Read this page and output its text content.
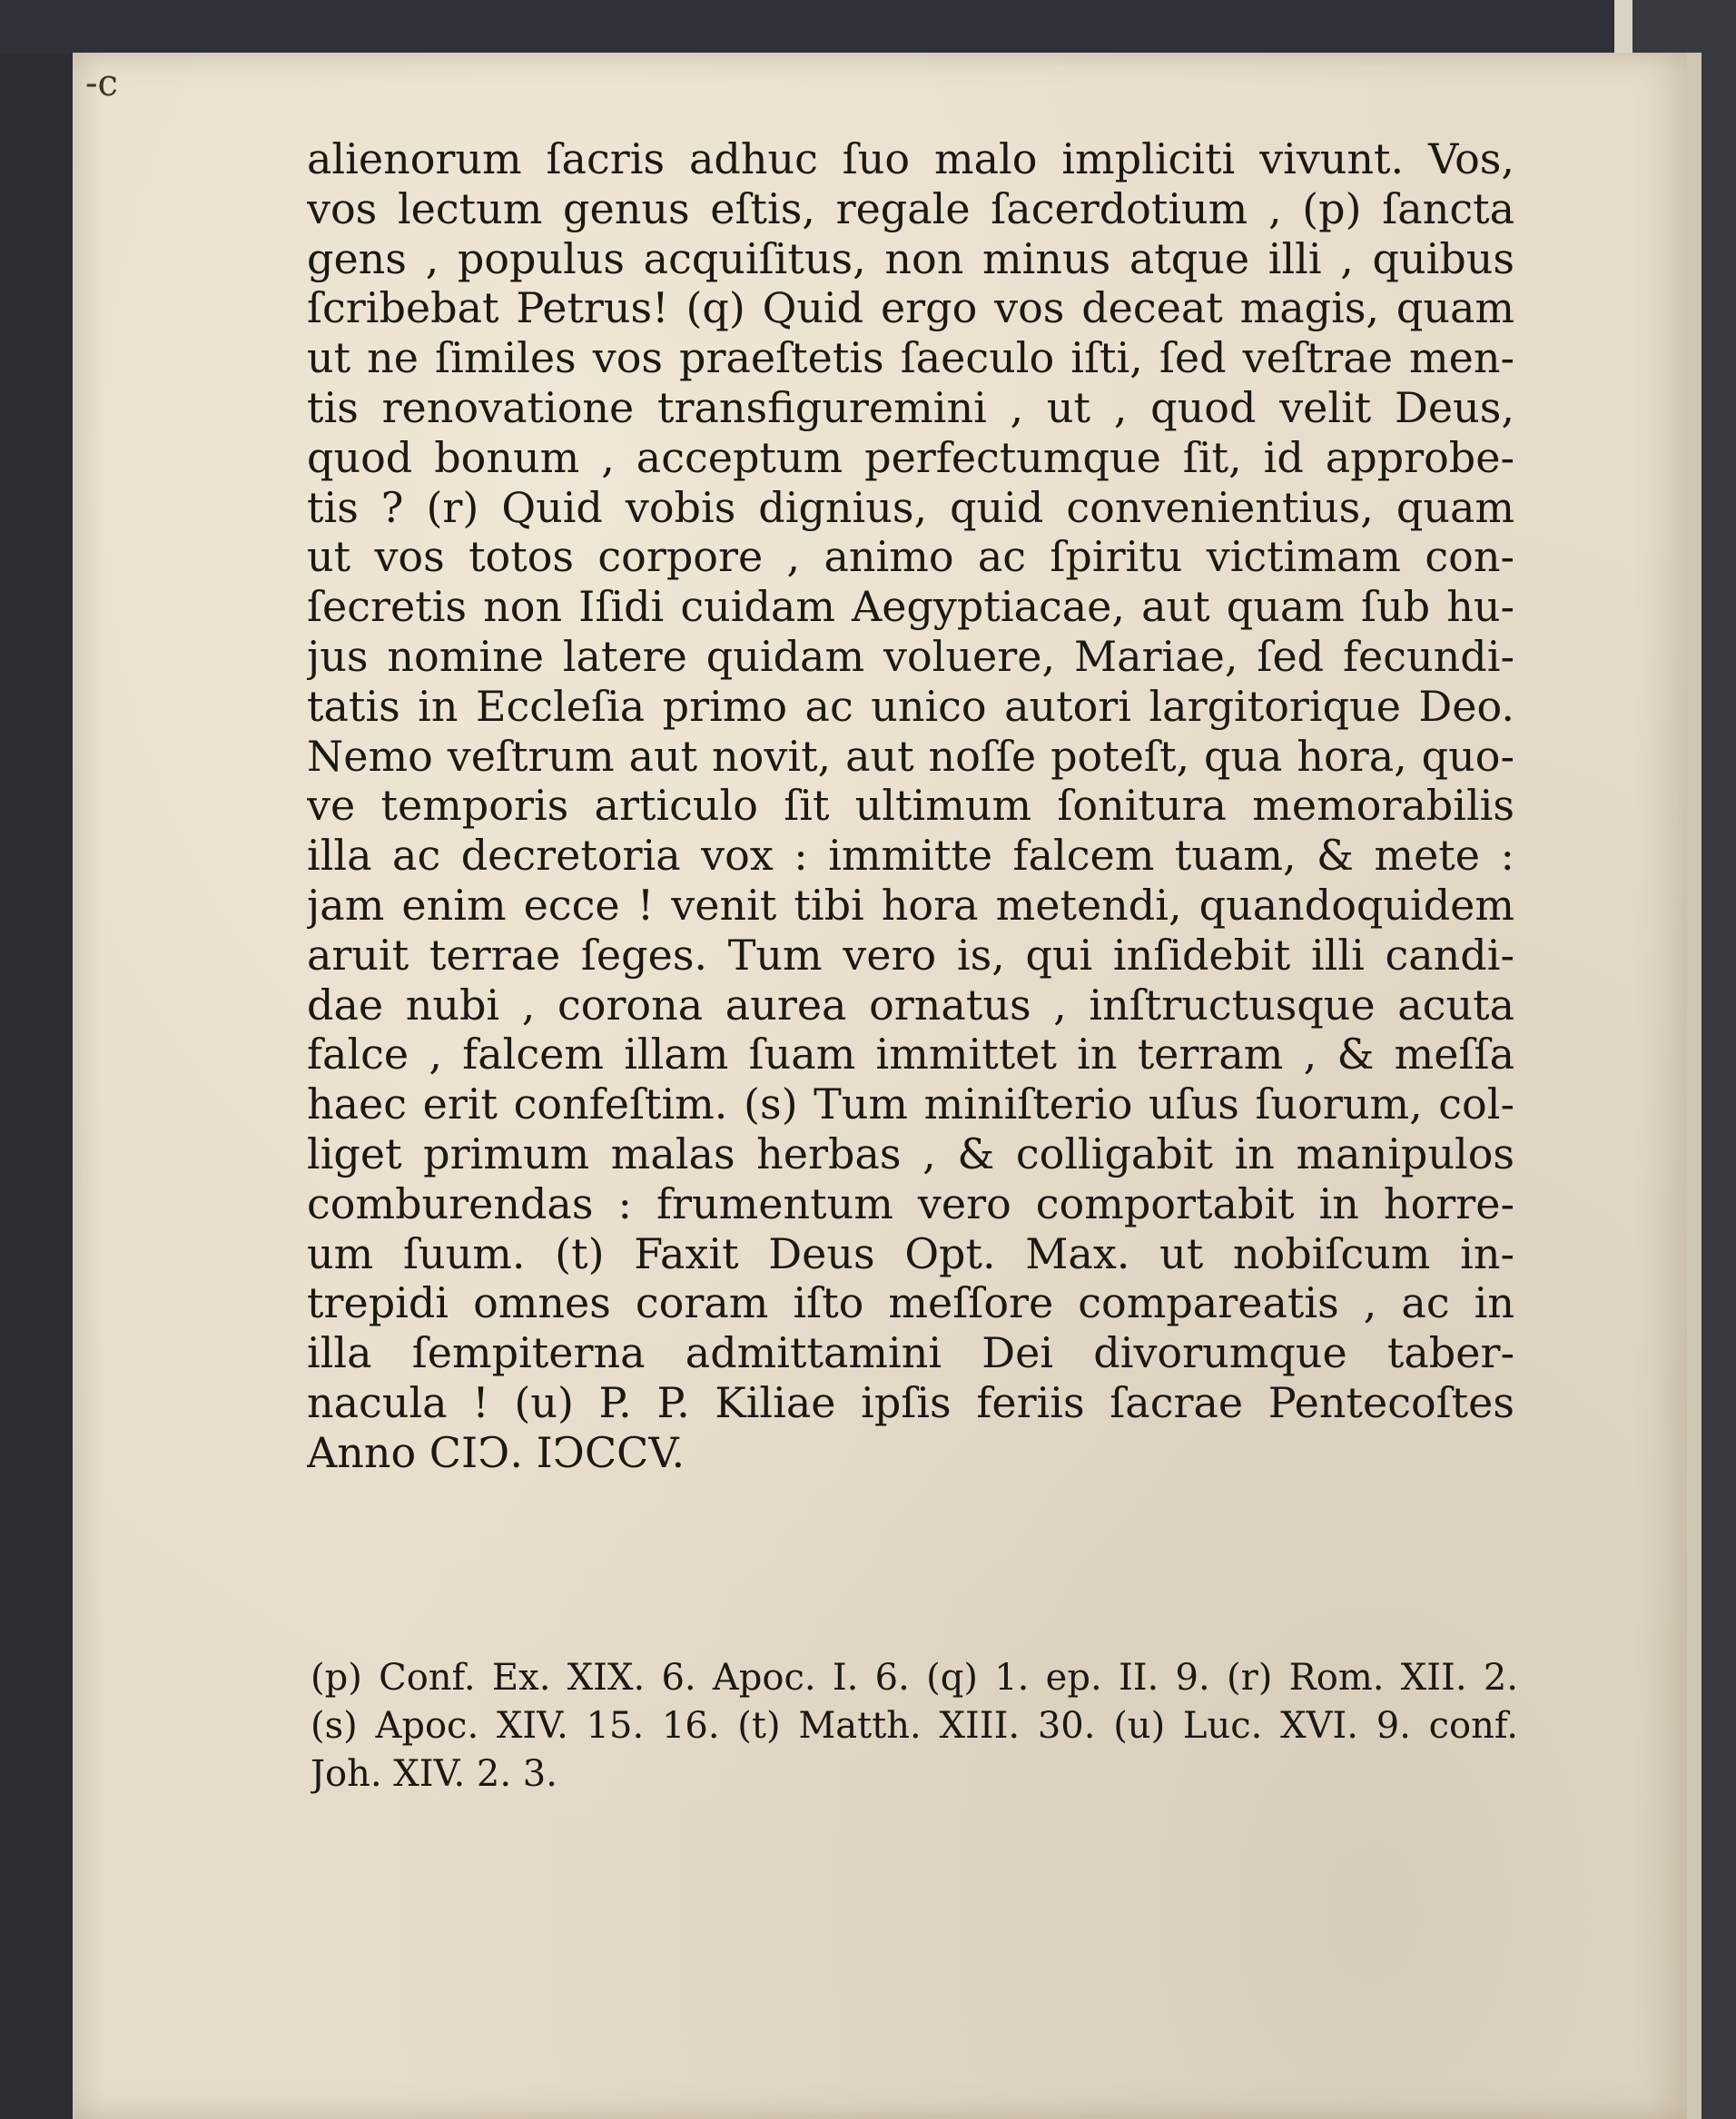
-c
alienorum ſacris adhuc ſuo malo impliciti vivunt. Vos,
vos lectum genus eſtis, regale ſacerdotium , (p) ſancta
gens , populus acquiſitus, non minus atque illi , quibus
ſcribebat Petrus! (q) Quid ergo vos deceat magis, quam
ut ne ſimiles vos praeſtetis ſaeculo iſti, ſed veſtrae men-
tis renovatione transfiguremini , ut , quod velit Deus,
quod bonum , acceptum perfectumque ſit, id approbe-
tis ? (r) Quid vobis dignius, quid convenientius, quam
ut vos totos corpore , animo ac ſpiritu victimam con-
ſecretis non Iſidi cuidam Aegyptiacae, aut quam ſub hu-
jus nomine latere quidam voluere, Mariae, ſed fecundi-
tatis in Eccleſia primo ac unico autori largitorique Deo.
Nemo veſtrum aut novit, aut noſſe poteſt, qua hora, quo-
ve temporis articulo ſit ultimum ſonitura memorabilis
illa ac decretoria vox : immitte falcem tuam, & mete :
jam enim ecce ! venit tibi hora metendi, quandoquidem
aruit terrae ſeges. Tum vero is, qui inſidebit illi candi-
dae nubi , corona aurea ornatus , inſtructusque acuta
falce , falcem illam ſuam immittet in terram , & meſſa
haec erit confeſtim. (s) Tum miniſterio uſus ſuorum, col-
liget primum malas herbas , & colligabit in manipulos
comburendas : frumentum vero comportabit in horre-
um ſuum. (t) Faxit Deus Opt. Max. ut nobiſcum in-
trepidi omnes coram iſto meſſore compareatis , ac in
illa ſempiterna admittamini Dei divorumque taber-
nacula ! (u) P. P. Kiliae ipſis feriis ſacrae Pentecoſtes
Anno CIↃ. IↃCCV.
(p) Conf. Ex. XIX. 6. Apoc. I. 6. (q) 1. ep. II. 9. (r) Rom. XII. 2.
(s) Apoc. XIV. 15. 16. (t) Matth. XIII. 30. (u) Luc. XVI. 9. conf.
Joh. XIV. 2. 3.
